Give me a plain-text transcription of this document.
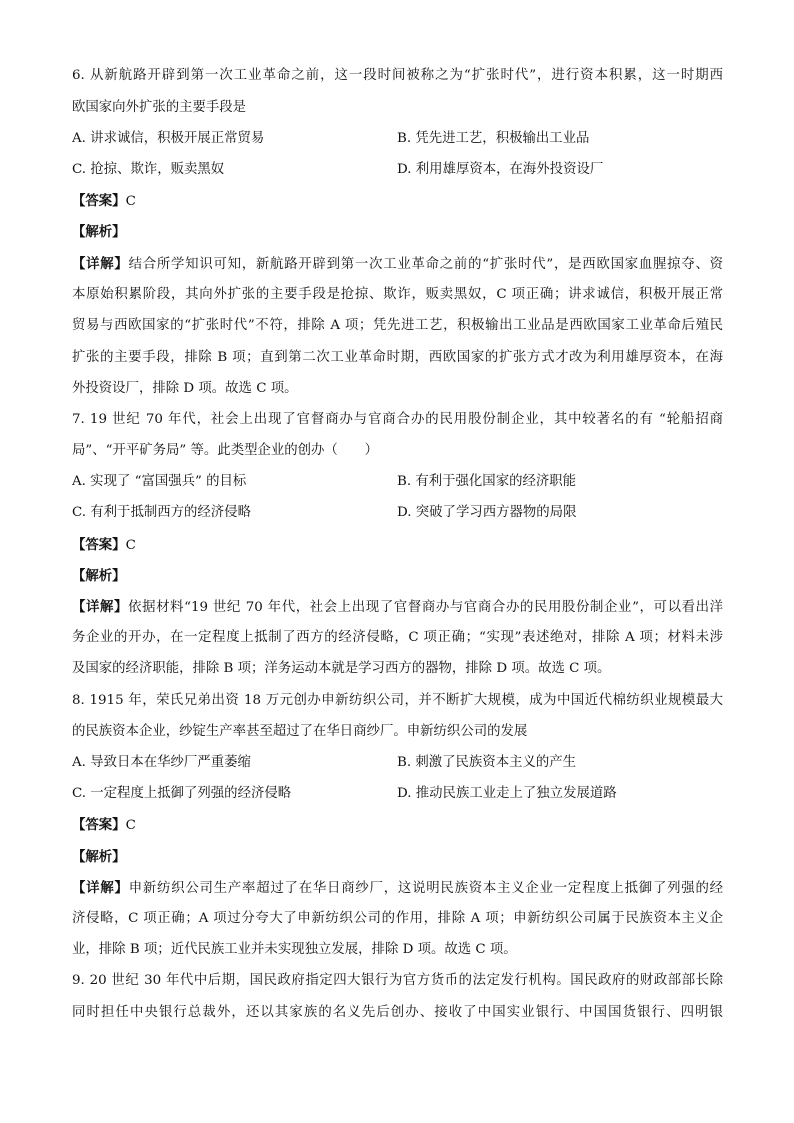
6. 从新航路开辟到第一次工业革命之前，这一段时间被称之为“扩张时代”，进行资本积累，这一时期西
欧国家向外扩张的主要手段是
A. 讲求诚信，积极开展正常贸易	B. 凭先进工艺，积极输出工业品
C. 抢掠、欺诈，贩卖黑奴	D. 利用雄厚资本，在海外投资设厂
【答案】C
【解析】
【详解】结合所学知识可知，新航路开辟到第一次工业革命之前的“扩张时代”，是西欧国家血腥掠夺、资
本原始积累阶段，其向外扩张的主要手段是抢掠、欺诈，贩卖黑奴，C 项正确；讲求诚信，积极开展正常
贸易与西欧国家的“扩张时代”不符，排除 A 项；凭先进工艺，积极输出工业品是西欧国家工业革命后殖民
扩张的主要手段，排除 B 项；直到第二次工业革命时期，西欧国家的扩张方式才改为利用雄厚资本，在海
外投资设厂，排除 D 项。故选 C 项。
7. 19 世纪 70 年代，社会上出现了官督商办与官商合办的民用股份制企业，其中较著名的有 “轮船招商
局”、“开平矿务局” 等。此类型企业的创办（　　）
A. 实现了 “富国强兵” 的目标	B. 有利于强化国家的经济职能
C. 有利于抵制西方的经济侵略	D. 突破了学习西方器物的局限
【答案】C
【解析】
【详解】依据材料“19 世纪 70 年代，社会上出现了官督商办与官商合办的民用股份制企业”，可以看出洋
务企业的开办，在一定程度上抵制了西方的经济侵略，C 项正确；“实现”表述绝对，排除 A 项；材料未涉
及国家的经济职能，排除 B 项；洋务运动本就是学习西方的器物，排除 D 项。故选 C 项。
8. 1915 年，荣氏兄弟出资 18 万元创办申新纺织公司，并不断扩大规模，成为中国近代棉纺织业规模最大
的民族资本企业，纱锭生产率甚至超过了在华日商纱厂。申新纺织公司的发展
A. 导致日本在华纱厂严重萎缩	B. 刺激了民族资本主义的产生
C. 一定程度上抵御了列强的经济侵略	D. 推动民族工业走上了独立发展道路
【答案】C
【解析】
【详解】申新纺织公司生产率超过了在华日商纱厂，这说明民族资本主义企业一定程度上抵御了列强的经
济侵略，C 项正确；A 项过分夸大了申新纺织公司的作用，排除 A 项；申新纺织公司属于民族资本主义企
业，排除 B 项；近代民族工业并未实现独立发展，排除 D 项。故选 C 项。
9. 20 世纪 30 年代中后期，国民政府指定四大银行为官方货币的法定发行机构。国民政府的财政部部长除
同时担任中央银行总裁外，还以其家族的名义先后创办、接收了中国实业银行、中国国货银行、四明银
